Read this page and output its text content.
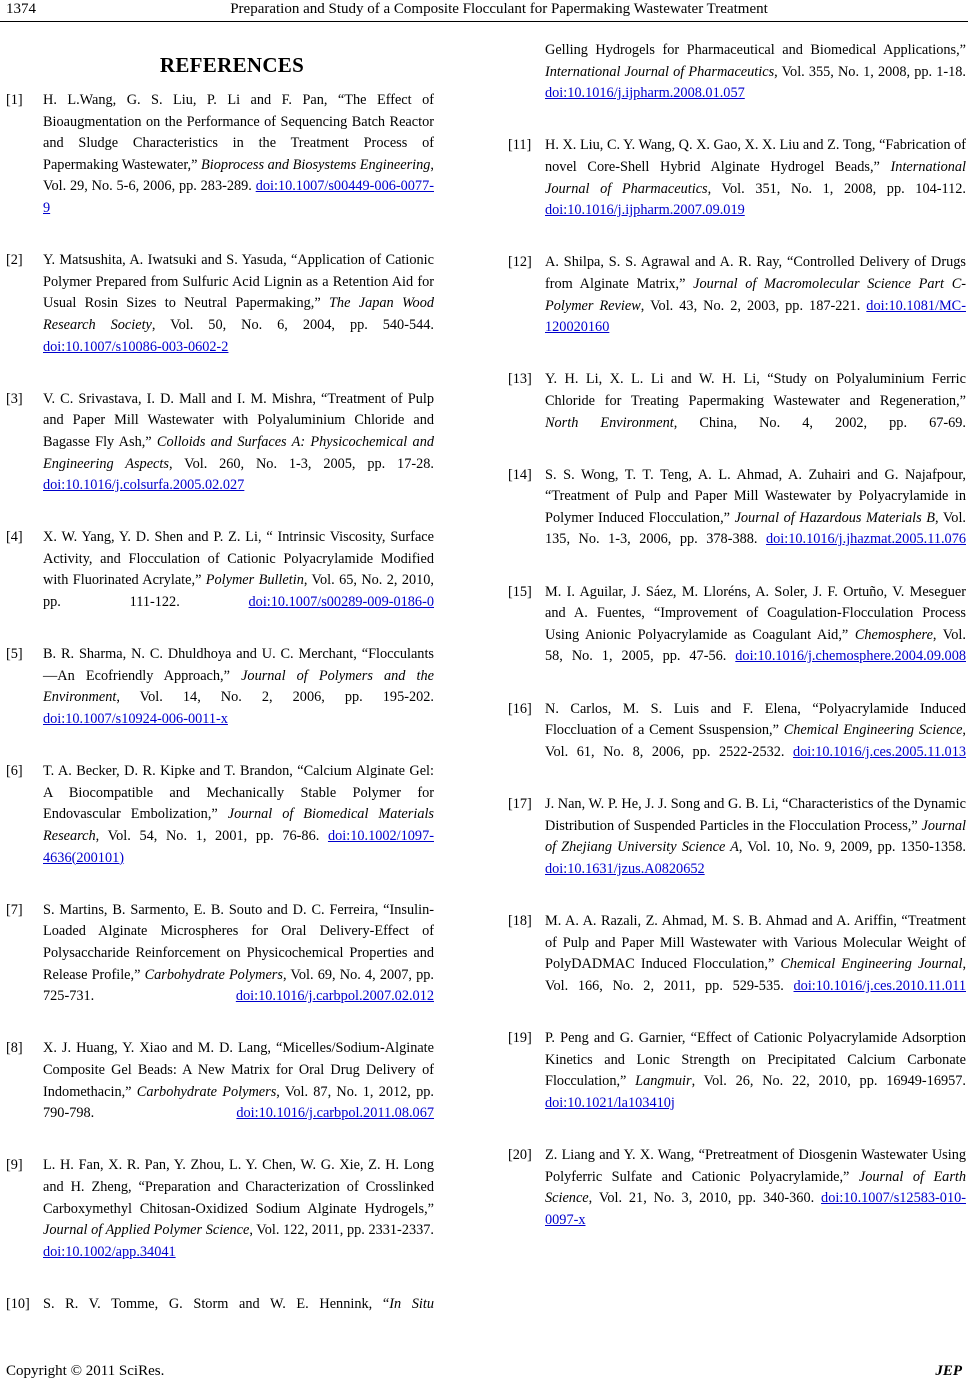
1374	Preparation and Study of a Composite Flocculant for Papermaking Wastewater Treatment
REFERENCES
[1] H. L.Wang, G. S. Liu, P. Li and F. Pan, “The Effect of Bioaugmentation on the Performance of Sequencing Batch Reactor and Sludge Characteristics in the Treatment Process of Papermaking Wastewater,” Bioprocess and Biosystems Engineering, Vol. 29, No. 5-6, 2006, pp. 283-289. doi:10.1007/s00449-006-0077-9
[2] Y. Matsushita, A. Iwatsuki and S. Yasuda, “Application of Cationic Polymer Prepared from Sulfuric Acid Lignin as a Retention Aid for Usual Rosin Sizes to Neutral Papermaking,” The Japan Wood Research Society, Vol. 50, No. 6, 2004, pp. 540-544. doi:10.1007/s10086-003-0602-2
[3] V. C. Srivastava, I. D. Mall and I. M. Mishra, “Treatment of Pulp and Paper Mill Wastewater with Polyaluminium Chloride and Bagasse Fly Ash,” Colloids and Surfaces A: Physicochemical and Engineering Aspects, Vol. 260, No. 1-3, 2005, pp. 17-28. doi:10.1016/j.colsurfa.2005.02.027
[4] X. W. Yang, Y. D. Shen and P. Z. Li, “ Intrinsic Viscosity, Surface Activity, and Flocculation of Cationic Polyacrylamide Modified with Fluorinated Acrylate,” Polymer Bulletin, Vol. 65, No. 2, 2010, pp. 111-122. doi:10.1007/s00289-009-0186-0
[5] B. R. Sharma, N. C. Dhuldhoya and U. C. Merchant, “Flocculants—An Ecofriendly Approach,” Journal of Polymers and the Environment, Vol. 14, No. 2, 2006, pp. 195-202. doi:10.1007/s10924-006-0011-x
[6] T. A. Becker, D. R. Kipke and T. Brandon, “Calcium Alginate Gel: A Biocompatible and Mechanically Stable Polymer for Endovascular Embolization,” Journal of Biomedical Materials Research, Vol. 54, No. 1, 2001, pp. 76-86. doi:10.1002/1097-4636(200101)
[7] S. Martins, B. Sarmento, E. B. Souto and D. C. Ferreira, “Insulin-Loaded Alginate Microspheres for Oral Delivery-Effect of Polysaccharide Reinforcement on Physicochemical Properties and Release Profile,” Carbohydrate Polymers, Vol. 69, No. 4, 2007, pp. 725-731. doi:10.1016/j.carbpol.2007.02.012
[8] X. J. Huang, Y. Xiao and M. D. Lang, “Micelles/Sodium-Alginate Composite Gel Beads: A New Matrix for Oral Drug Delivery of Indomethacin,” Carbohydrate Polymers, Vol. 87, No. 1, 2012, pp. 790-798. doi:10.1016/j.carbpol.2011.08.067
[9] L. H. Fan, X. R. Pan, Y. Zhou, L. Y. Chen, W. G. Xie, Z. H. Long and H. Zheng, “Preparation and Characterization of Crosslinked Carboxymethyl Chitosan-Oxidized Sodium Alginate Hydrogels,” Journal of Applied Polymer Science, Vol. 122, 2011, pp. 2331-2337. doi:10.1002/app.34041
[10] S. R. V. Tomme, G. Storm and W. E. Hennink, “In Situ
Gelling Hydrogels for Pharmaceutical and Biomedical Applications,” International Journal of Pharmaceutics, Vol. 355, No. 1, 2008, pp. 1-18. doi:10.1016/j.ijpharm.2008.01.057
[11] H. X. Liu, C. Y. Wang, Q. X. Gao, X. X. Liu and Z. Tong, “Fabrication of novel Core-Shell Hybrid Alginate Hydrogel Beads,” International Journal of Pharmaceutics, Vol. 351, No. 1, 2008, pp. 104-112. doi:10.1016/j.ijpharm.2007.09.019
[12] A. Shilpa, S. S. Agrawal and A. R. Ray, “Controlled Delivery of Drugs from Alginate Matrix,” Journal of Macromolecular Science Part C-Polymer Review, Vol. 43, No. 2, 2003, pp. 187-221. doi:10.1081/MC-120020160
[13] Y. H. Li, X. L. Li and W. H. Li, “Study on Polyaluminium Ferric Chloride for Treating Papermaking Wastewater and Regeneration,” North Environment, China, No. 4, 2002, pp. 67-69.
[14] S. S. Wong, T. T. Teng, A. L. Ahmad, A. Zuhairi and G. Najafpour, “Treatment of Pulp and Paper Mill Wastewater by Polyacrylamide in Polymer Induced Flocculation,” Journal of Hazardous Materials B, Vol. 135, No. 1-3, 2006, pp. 378-388. doi:10.1016/j.jhazmat.2005.11.076
[15] M. I. Aguilar, J. Sáez, M. Lloréns, A. Soler, J. F. Ortuño, V. Meseguer and A. Fuentes, “Improvement of Coagulation-Flocculation Process Using Anionic Polyacrylamide as Coagulant Aid,” Chemosphere, Vol. 58, No. 1, 2005, pp. 47-56. doi:10.1016/j.chemosphere.2004.09.008
[16] N. Carlos, M. S. Luis and F. Elena, “Polyacrylamide Induced Floccluation of a Cement Ssuspension,” Chemical Engineering Science, Vol. 61, No. 8, 2006, pp. 2522-2532. doi:10.1016/j.ces.2005.11.013
[17] J. Nan, W. P. He, J. J. Song and G. B. Li, “Characteristics of the Dynamic Distribution of Suspended Particles in the Flocculation Process,” Journal of Zhejiang University Science A, Vol. 10, No. 9, 2009, pp. 1350-1358. doi:10.1631/jzus.A0820652
[18] M. A. A. Razali, Z. Ahmad, M. S. B. Ahmad and A. Ariffin, “Treatment of Pulp and Paper Mill Wastewater with Various Molecular Weight of PolyDADMAC Induced Flocculation,” Chemical Engineering Journal, Vol. 166, No. 2, 2011, pp. 529-535. doi:10.1016/j.ces.2010.11.011
[19] P. Peng and G. Garnier, “Effect of Cationic Polyacrylamide Adsorption Kinetics and Lonic Strength on Precipitated Calcium Carbonate Flocculation,” Langmuir, Vol. 26, No. 22, 2010, pp. 16949-16957. doi:10.1021/la103410j
[20] Z. Liang and Y. X. Wang, “Pretreatment of Diosgenin Wastewater Using Polyferric Sulfate and Cationic Polyacrylamide,” Journal of Earth Science, Vol. 21, No. 3, 2010, pp. 340-360. doi:10.1007/s12583-010-0097-x
Copyright © 2011 SciRes.	JEP
